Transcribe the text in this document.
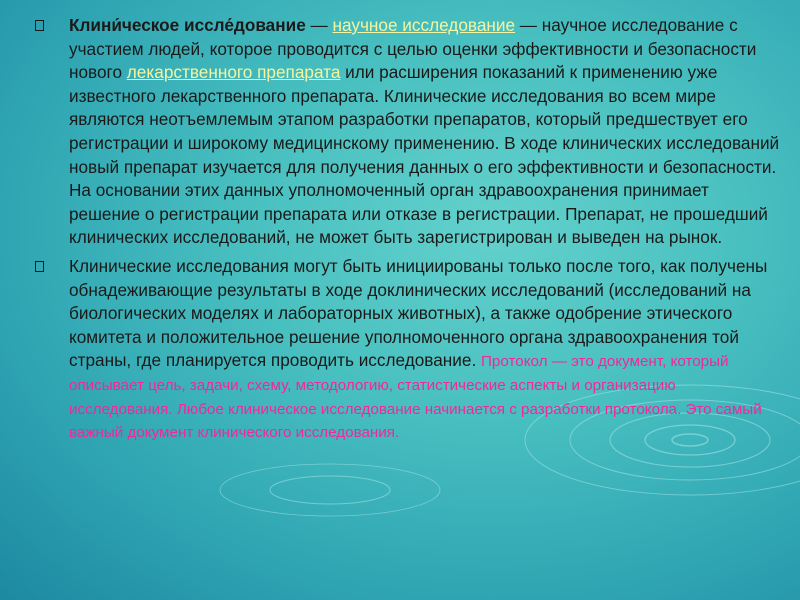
Клини́ческое иссле́дование — научное исследование — научное исследование с участием людей, которое проводится с целью оценки эффективности и безопасности нового лекарственного препарата или расширения показаний к применению уже известного лекарственного препарата. Клинические исследования во всем мире являются неотъемлемым этапом разработки препаратов, который предшествует его регистрации и широкому медицинскому применению. В ходе клинических исследований новый препарат изучается для получения данных о его эффективности и безопасности. На основании этих данных уполномоченный орган здравоохранения принимает решение о регистрации препарата или отказе в регистрации. Препарат, не прошедший клинических исследований, не может быть зарегистрирован и выведен на рынок.
Клинические исследования могут быть инициированы только после того, как получены обнадеживающие результаты в ходе доклинических исследований (исследований на биологических моделях и лабораторных животных), а также одобрение этического комитета и положительное решение уполномоченного органа здравоохранения той страны, где планируется проводить исследование. Протокол — это документ, который описывает цель, задачи, схему, методологию, статистические аспекты и организацию исследования. Любое клиническое исследование начинается с разработки протокола. Это самый важный документ клинического исследования.
